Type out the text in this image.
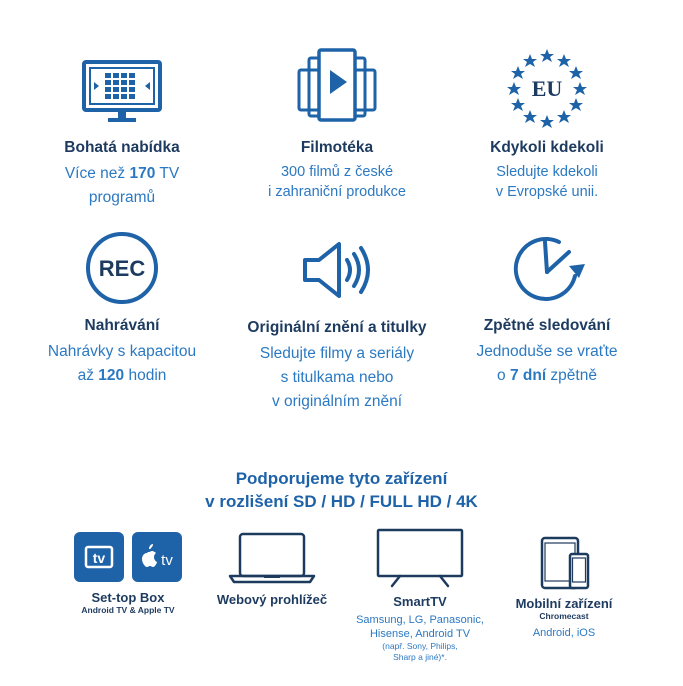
Bohatá nabídka
Více než 170 TV
programů
Filmotéka
300 filmů z české
i zahraniční produkce
EU
Kdykoli kdekoli
Sledujte kdekoli
v Evropské unii.
REC
Nahrávání
Nahrávky s kapacitou
až 120 hodin
Originální znění a titulky
Sledujte filmy a seriály
s titulkama nebo
v originálním znění
Zpětné sledování
Jednoduše se vraťte
o 7 dní zpětně
Podporujeme tyto zařízení
v rozlišení SD / HD / FULL HD / 4K
tv	tv
Set-top Box
Android TV & Apple TV
Webový prohlížeč	SmartTV
Samsung, LG, Panasonic,
Hisense, Android TV
(např. Sony, Philips,
Sharp a jiné)*.
Mobilní zařízení
Chromecast
Android, iOS
